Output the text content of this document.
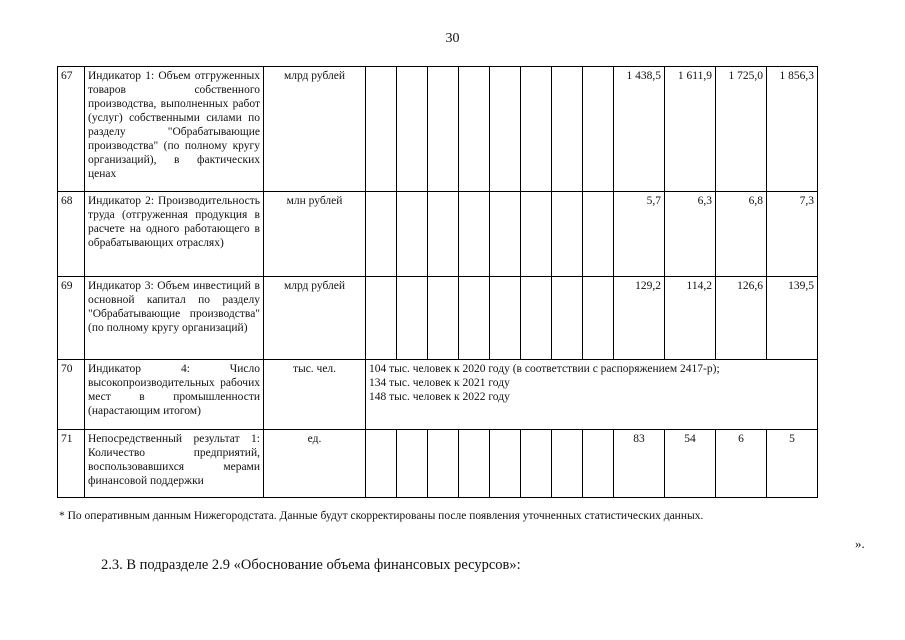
30
67	Индикатор 1: Объем отгруженных товаров собственного производства, выполненных работ (услуг) собственными силами по разделу "Обрабатывающие производства" (по полному кругу организаций), в фактических ценах	млрд рублей									1 438,5	1 611,9	1 725,0	1 856,3
68	Индикатор 2: Производительность труда (отгруженная продукция в расчете на одного работающего в обрабатывающих отраслях)	млн рублей									5,7	6,3	6,8	7,3
69	Индикатор 3: Объем инвестиций в основной капитал по разделу "Обрабатывающие производства" (по полному кругу организаций)	млрд рублей									129,2	114,2	126,6	139,5
70	Индикатор 4: Число высокопроизводительных рабочих мест в промышленности (нарастающим итогом)	тыс. чел.	104 тыс. человек к 2020 году (в соответствии с распоряжением 2417-р);
134 тыс. человек к 2021 году
148 тыс. человек к 2022 году											

71	Непосредственный результат 1: Количество предприятий, воспользовавшихся мерами финансовой поддержки	ед.									83	54	6	5
* По оперативным данным Нижегородстата. Данные будут скорректированы после появления уточненных статистических данных.
».
2.3. В подразделе 2.9 «Обоснование объема финансовых ресурсов»:
